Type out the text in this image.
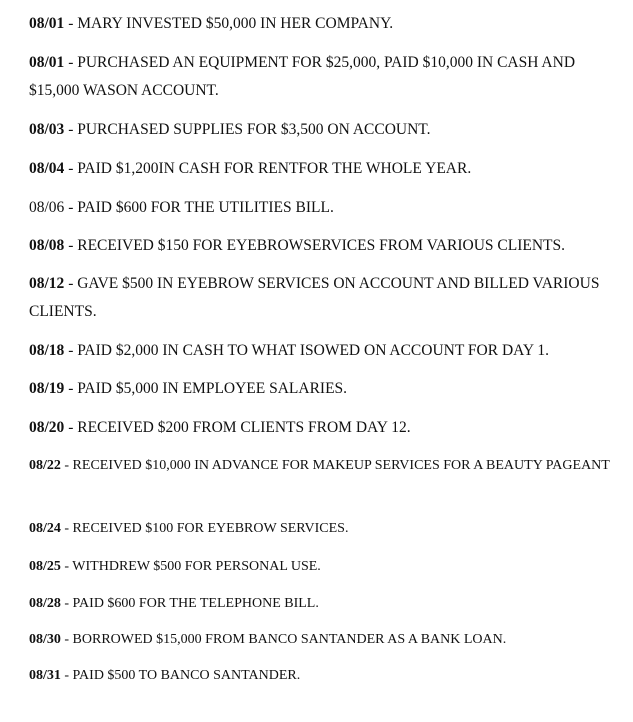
08/01 - MARY INVESTED $50,000 IN HER COMPANY.

08/01 - PURCHASED AN EQUIPMENT FOR $25,000, PAID $10,000 IN CASH AND $15,000 WASON ACCOUNT.

08/03 - PURCHASED SUPPLIES FOR $3,500 ON ACCOUNT.

08/04 - PAID $1,200IN CASH FOR RENTFOR THE WHOLE YEAR.

08/06 - PAID $600 FOR THE UTILITIES BILL.

08/08 - RECEIVED $150 FOR EYEBROWSERVICES FROM VARIOUS CLIENTS.

08/12 - GAVE $500 IN EYEBROW SERVICES ON ACCOUNT AND BILLED VARIOUS CLIENTS.

08/18 - PAID $2,000 IN CASH TO WHAT ISOWED ON ACCOUNT FOR DAY 1.

08/19 - PAID $5,000 IN EMPLOYEE SALARIES.

08/20 - RECEIVED $200 FROM CLIENTS FROM DAY 12.

08/22 - RECEIVED $10,000 IN ADVANCE FOR MAKEUP SERVICES FOR A BEAUTY PAGEANT

08/24 - RECEIVED $100 FOR EYEBROW SERVICES.

08/25 - WITHDREW $500 FOR PERSONAL USE.

08/28 - PAID $600 FOR THE TELEPHONE BILL.

08/30 - BORROWED $15,000 FROM BANCO SANTANDER AS A BANK LOAN.

08/31 - PAID $500 TO BANCO SANTANDER.
